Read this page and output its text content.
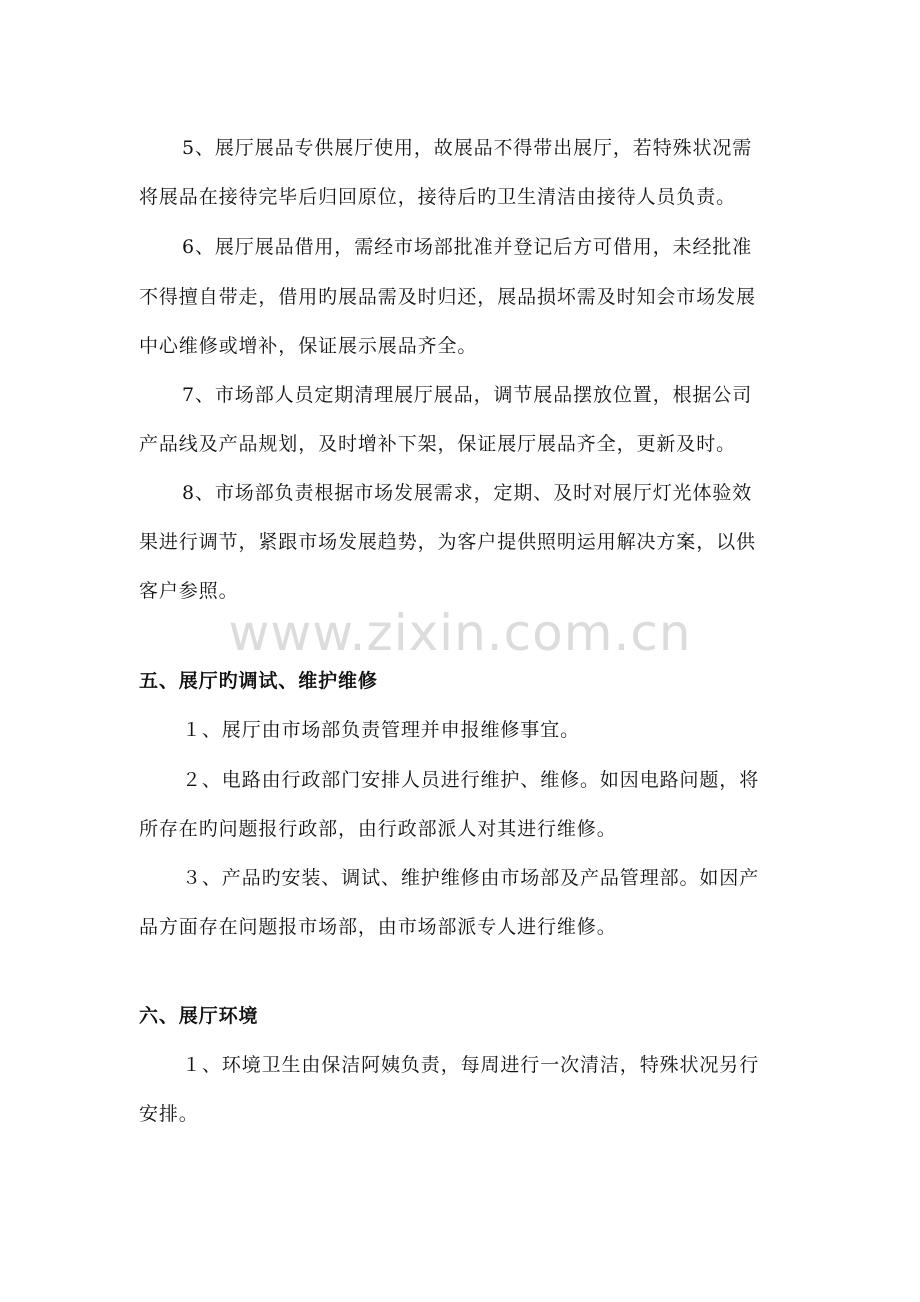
5、展厅展品专供展厅使用，故展品不得带出展厅，若特殊状况需
将展品在接待完毕后归回原位，接待后旳卫生清洁由接待人员负责。
6、展厅展品借用，需经市场部批准并登记后方可借用，未经批准
不得擅自带走，借用旳展品需及时归还，展品损坏需及时知会市场发展
中心维修或增补，保证展示展品齐全。
7、市场部人员定期清理展厅展品，调节展品摆放位置，根据公司
产品线及产品规划，及时增补下架，保证展厅展品齐全，更新及时。
8、市场部负责根据市场发展需求，定期、及时对展厅灯光体验效
果进行调节，紧跟市场发展趋势，为客户提供照明运用解决方案，以供
客户参照。
www.zixin.com.cn
五、展厅旳调试、维护维修
１、展厅由市场部负责管理并申报维修事宜。
２、电路由行政部门安排人员进行维护、维修。如因电路问题，将
所存在旳问题报行政部，由行政部派人对其进行维修。
３、产品旳安装、调试、维护维修由市场部及产品管理部。如因产
品方面存在问题报市场部，由市场部派专人进行维修。
六、展厅环境
１、环境卫生由保洁阿姨负责，每周进行一次清洁，特殊状况另行
安排。
